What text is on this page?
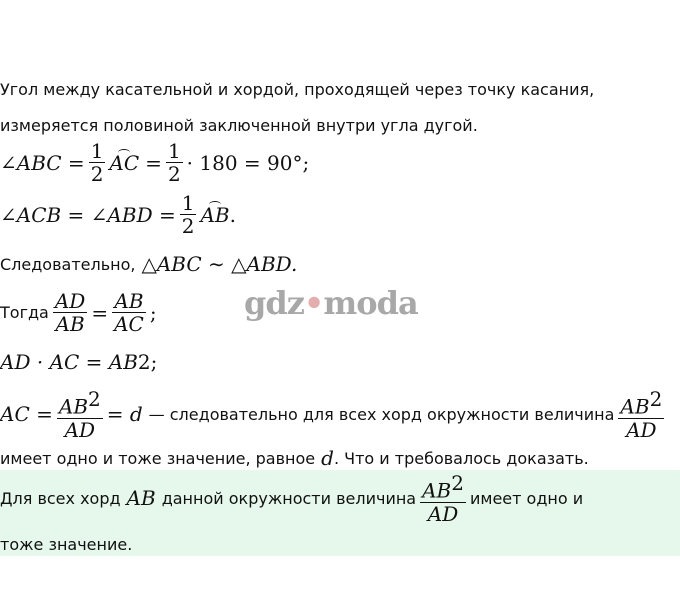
Угол между касательной и хордой, проходящей через точку касания,
измеряется половиной заключенной внутри угла дугой.
∠ABC = $\frac{1}{2}$ AC = $\frac{1}{2} \cdot 180 = 90^\circ$;
∠ACB = ∠ABD = $\frac{1}{2}$ AB .
Следовательно, △ABC ∼ △ABD.
Тогда $\frac{AD}{AB} = \frac{AB}{AC}$ ;
AD · AC = AB 2 ;
AC = $\frac{AB^2}{AD} = d$ — следовательно для всех хорд окружности величина $\frac{AB^2}{AD}$
имеет одно и тоже значение, равное d . Что и требовалось доказать.
Для всех хорд AB данной окружности величина $\frac{AB^2}{AD}$ имеет одно и
тоже значение.
gdz•moda
